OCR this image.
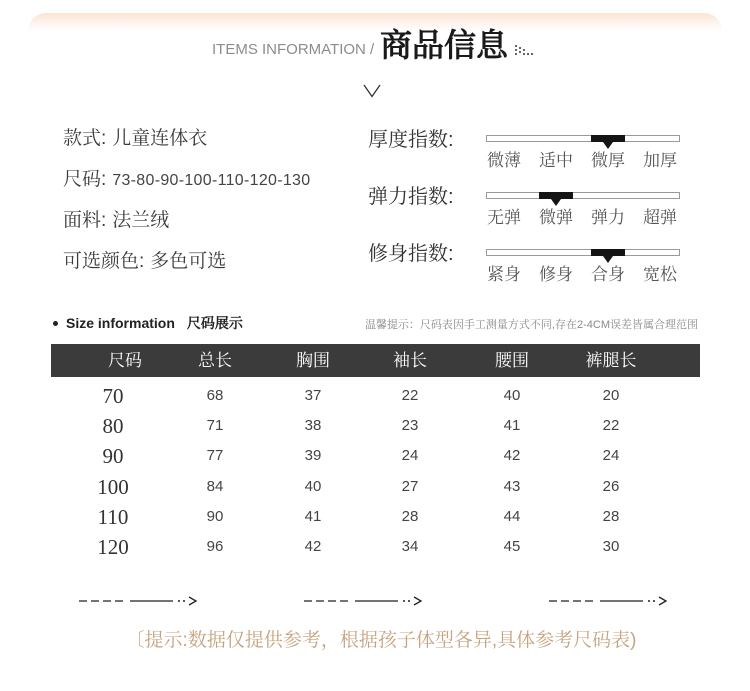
ITEMS INFORMATION / 商品信息
款式: 儿童连体衣
尺码: 73-80-90-100-110-120-130
面料: 法兰绒
可选颜色: 多色可选
厚度指数:
微薄	适中	微厚	加厚
弹力指数:
无弹	微弹	弹力	超弹
修身指数:
紧身	修身	合身	宽松
Size information 尺码展示	温馨提示：尺码表因手工测量方式不同,存在2-4CM误差皆属合理范围
尺码	总长	胸围	袖长	腰围	裤腿长
70	68	37	22	40	20
80	71	38	23	41	22
90	77	39	24	42	24
100	84	40	27	43	26
110	90	41	28	44	28
120	96	42	34	45	30
〔提示:数据仅提供参考，根据孩子体型各异,具体参考尺码表)
